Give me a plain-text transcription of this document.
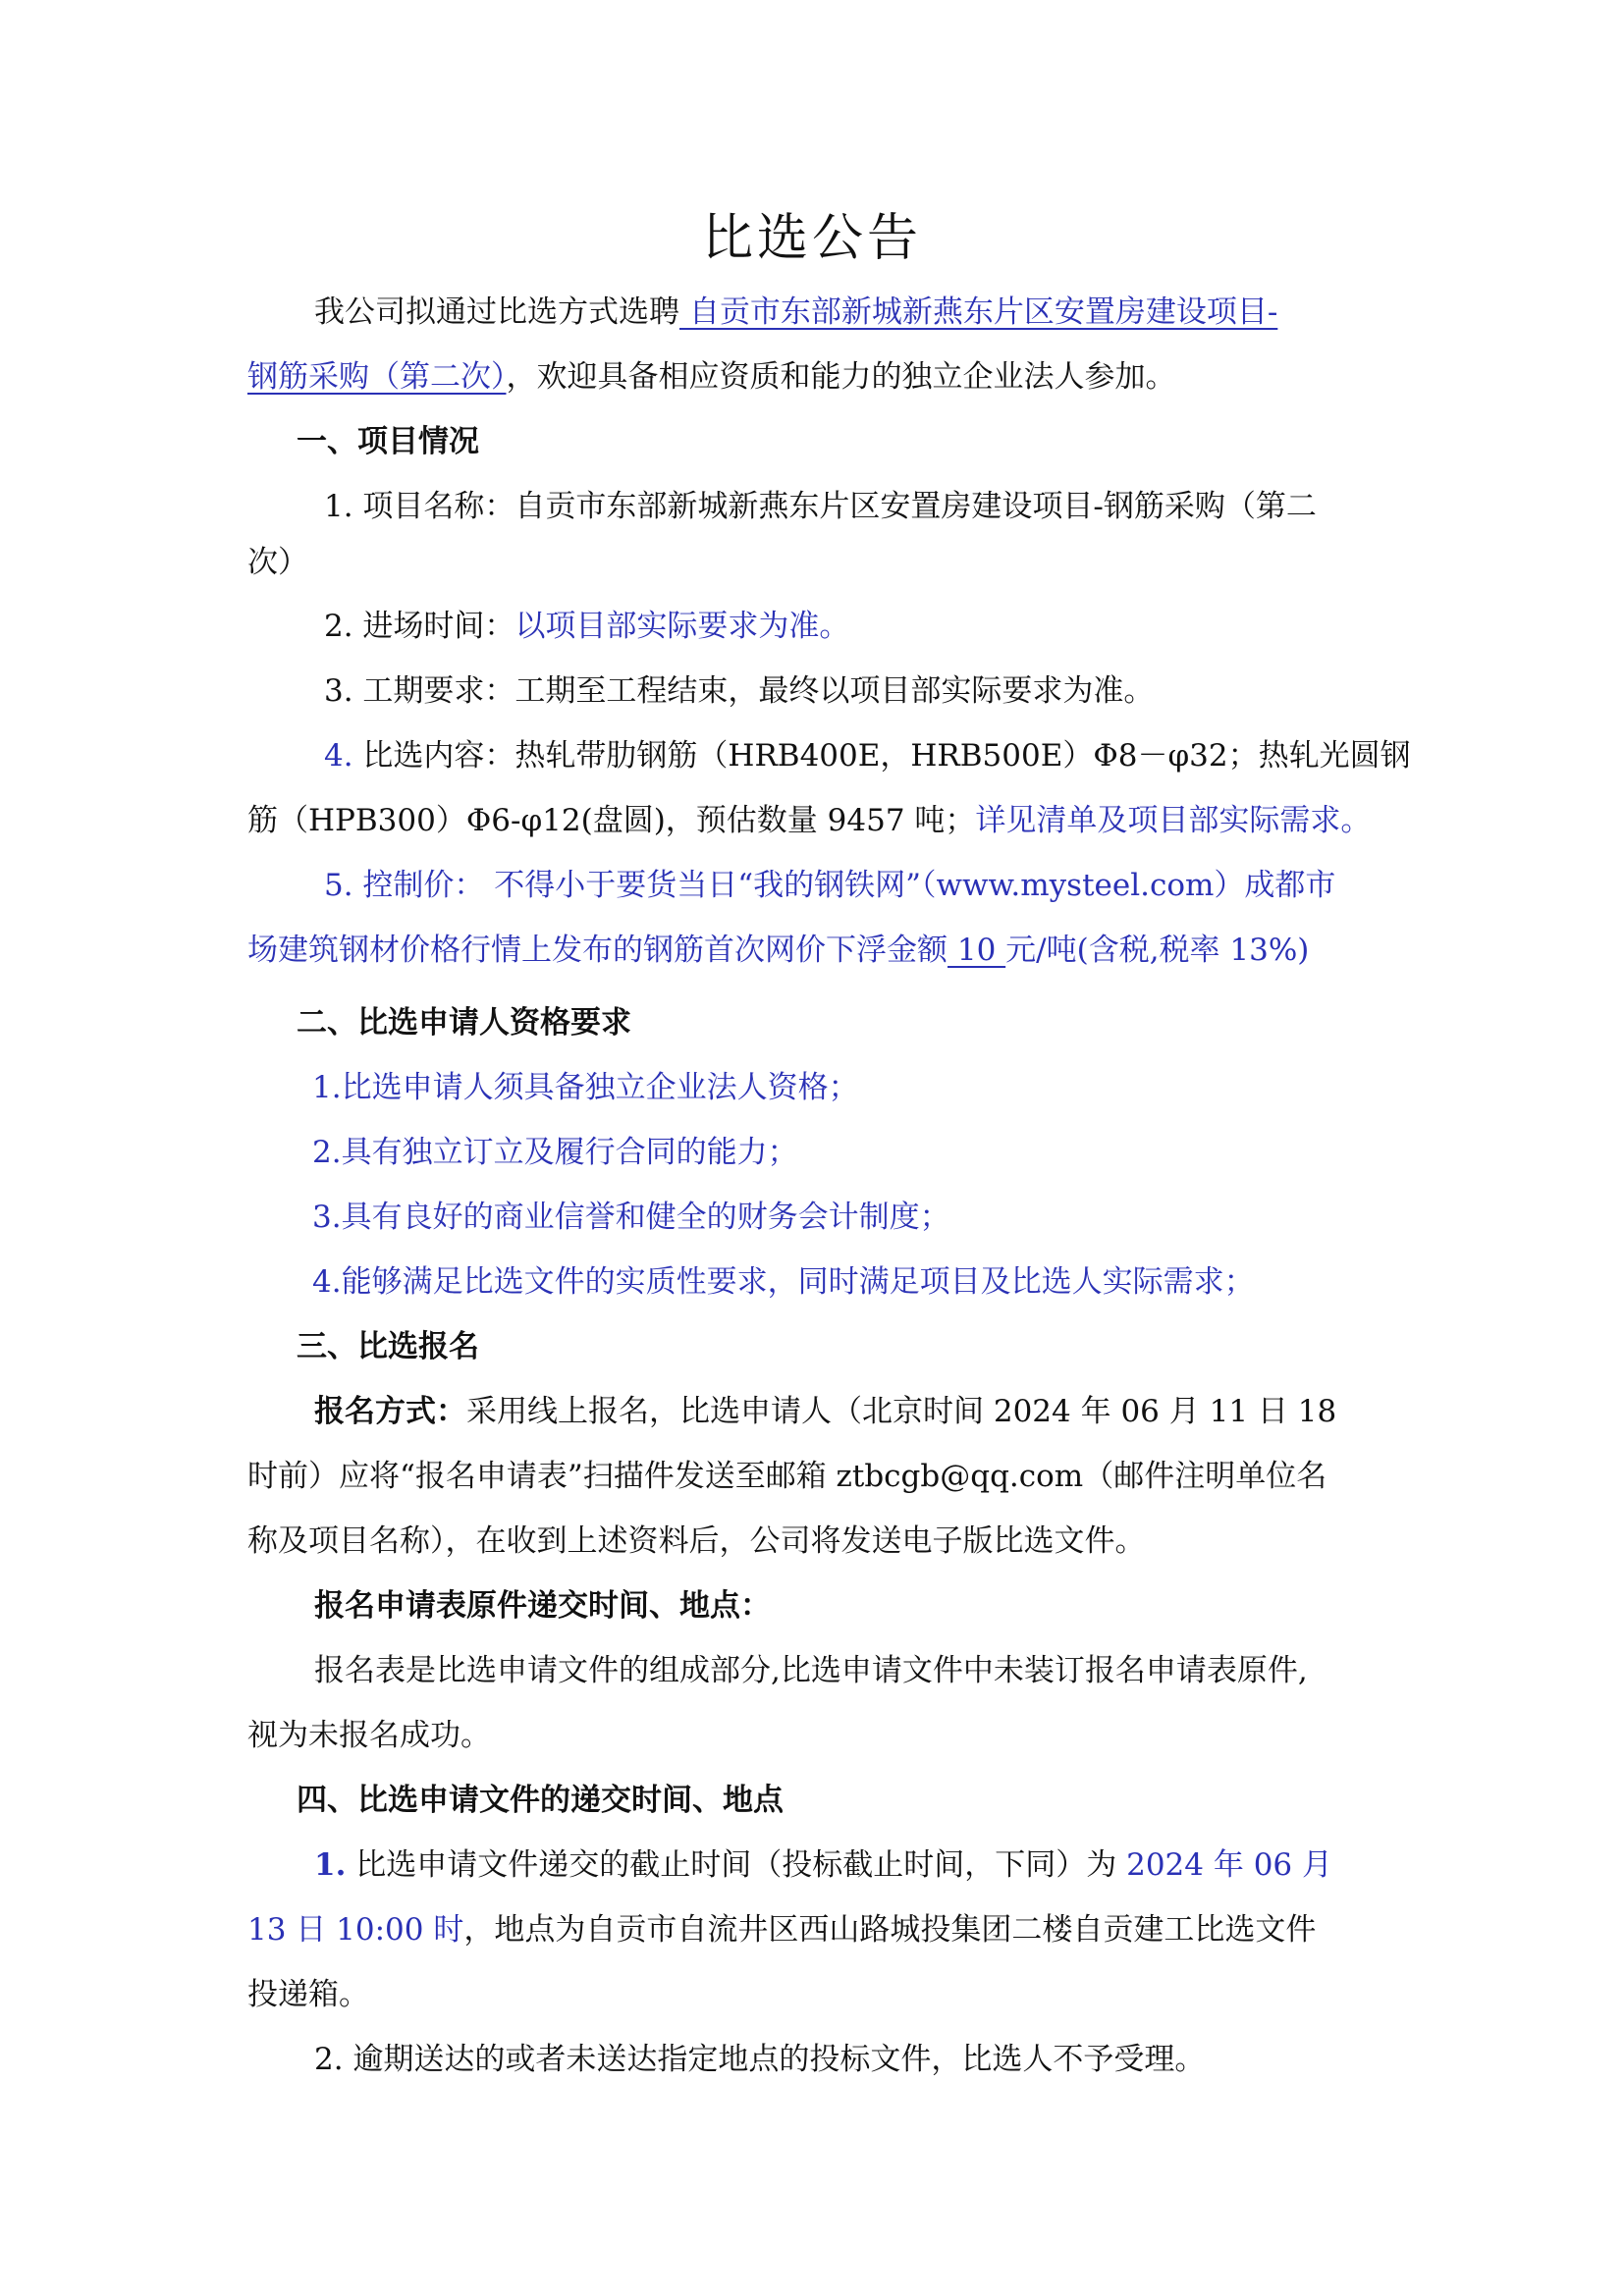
比选公告
我公司拟通过比选方式选聘 自贡市东部新城新燕东片区安置房建设项目-
钢筋采购（第二次），欢迎具备相应资质和能力的独立企业法人参加。
一、项目情况
1. 项目名称：自贡市东部新城新燕东片区安置房建设项目-钢筋采购（第二
次）
2. 进场时间：以项目部实际要求为准。
3. 工期要求：工期至工程结束，最终以项目部实际要求为准。
4. 比选内容：热轧带肋钢筋（HRB400E，HRB500E）Φ8－φ32；热轧光圆钢
筋（HPB300）Φ6-φ12(盘圆)，预估数量 9457 吨；详见清单及项目部实际需求。
5. 控制价： 不得小于要货当日“我的钢铁网”（www.mysteel.com）成都市
场建筑钢材价格行情上发布的钢筋首次网价下浮金额 10 元/吨(含税,税率 13%)
二、比选申请人资格要求
1.比选申请人须具备独立企业法人资格；
2.具有独立订立及履行合同的能力；
3.具有良好的商业信誉和健全的财务会计制度；
4.能够满足比选文件的实质性要求，同时满足项目及比选人实际需求；
三、比选报名
报名方式：采用线上报名，比选申请人（北京时间 2024 年 06 月 11 日 18
时前）应将“报名申请表”扫描件发送至邮箱 ztbcgb@qq.com（邮件注明单位名
称及项目名称），在收到上述资料后，公司将发送电子版比选文件。
报名申请表原件递交时间、地点：
报名表是比选申请文件的组成部分,比选申请文件中未装订报名申请表原件,
视为未报名成功。
四、比选申请文件的递交时间、地点
1. 比选申请文件递交的截止时间（投标截止时间，下同）为 2024 年 06 月
13 日 10:00 时，地点为自贡市自流井区西山路城投集团二楼自贡建工比选文件
投递箱。
2. 逾期送达的或者未送达指定地点的投标文件，比选人不予受理。
